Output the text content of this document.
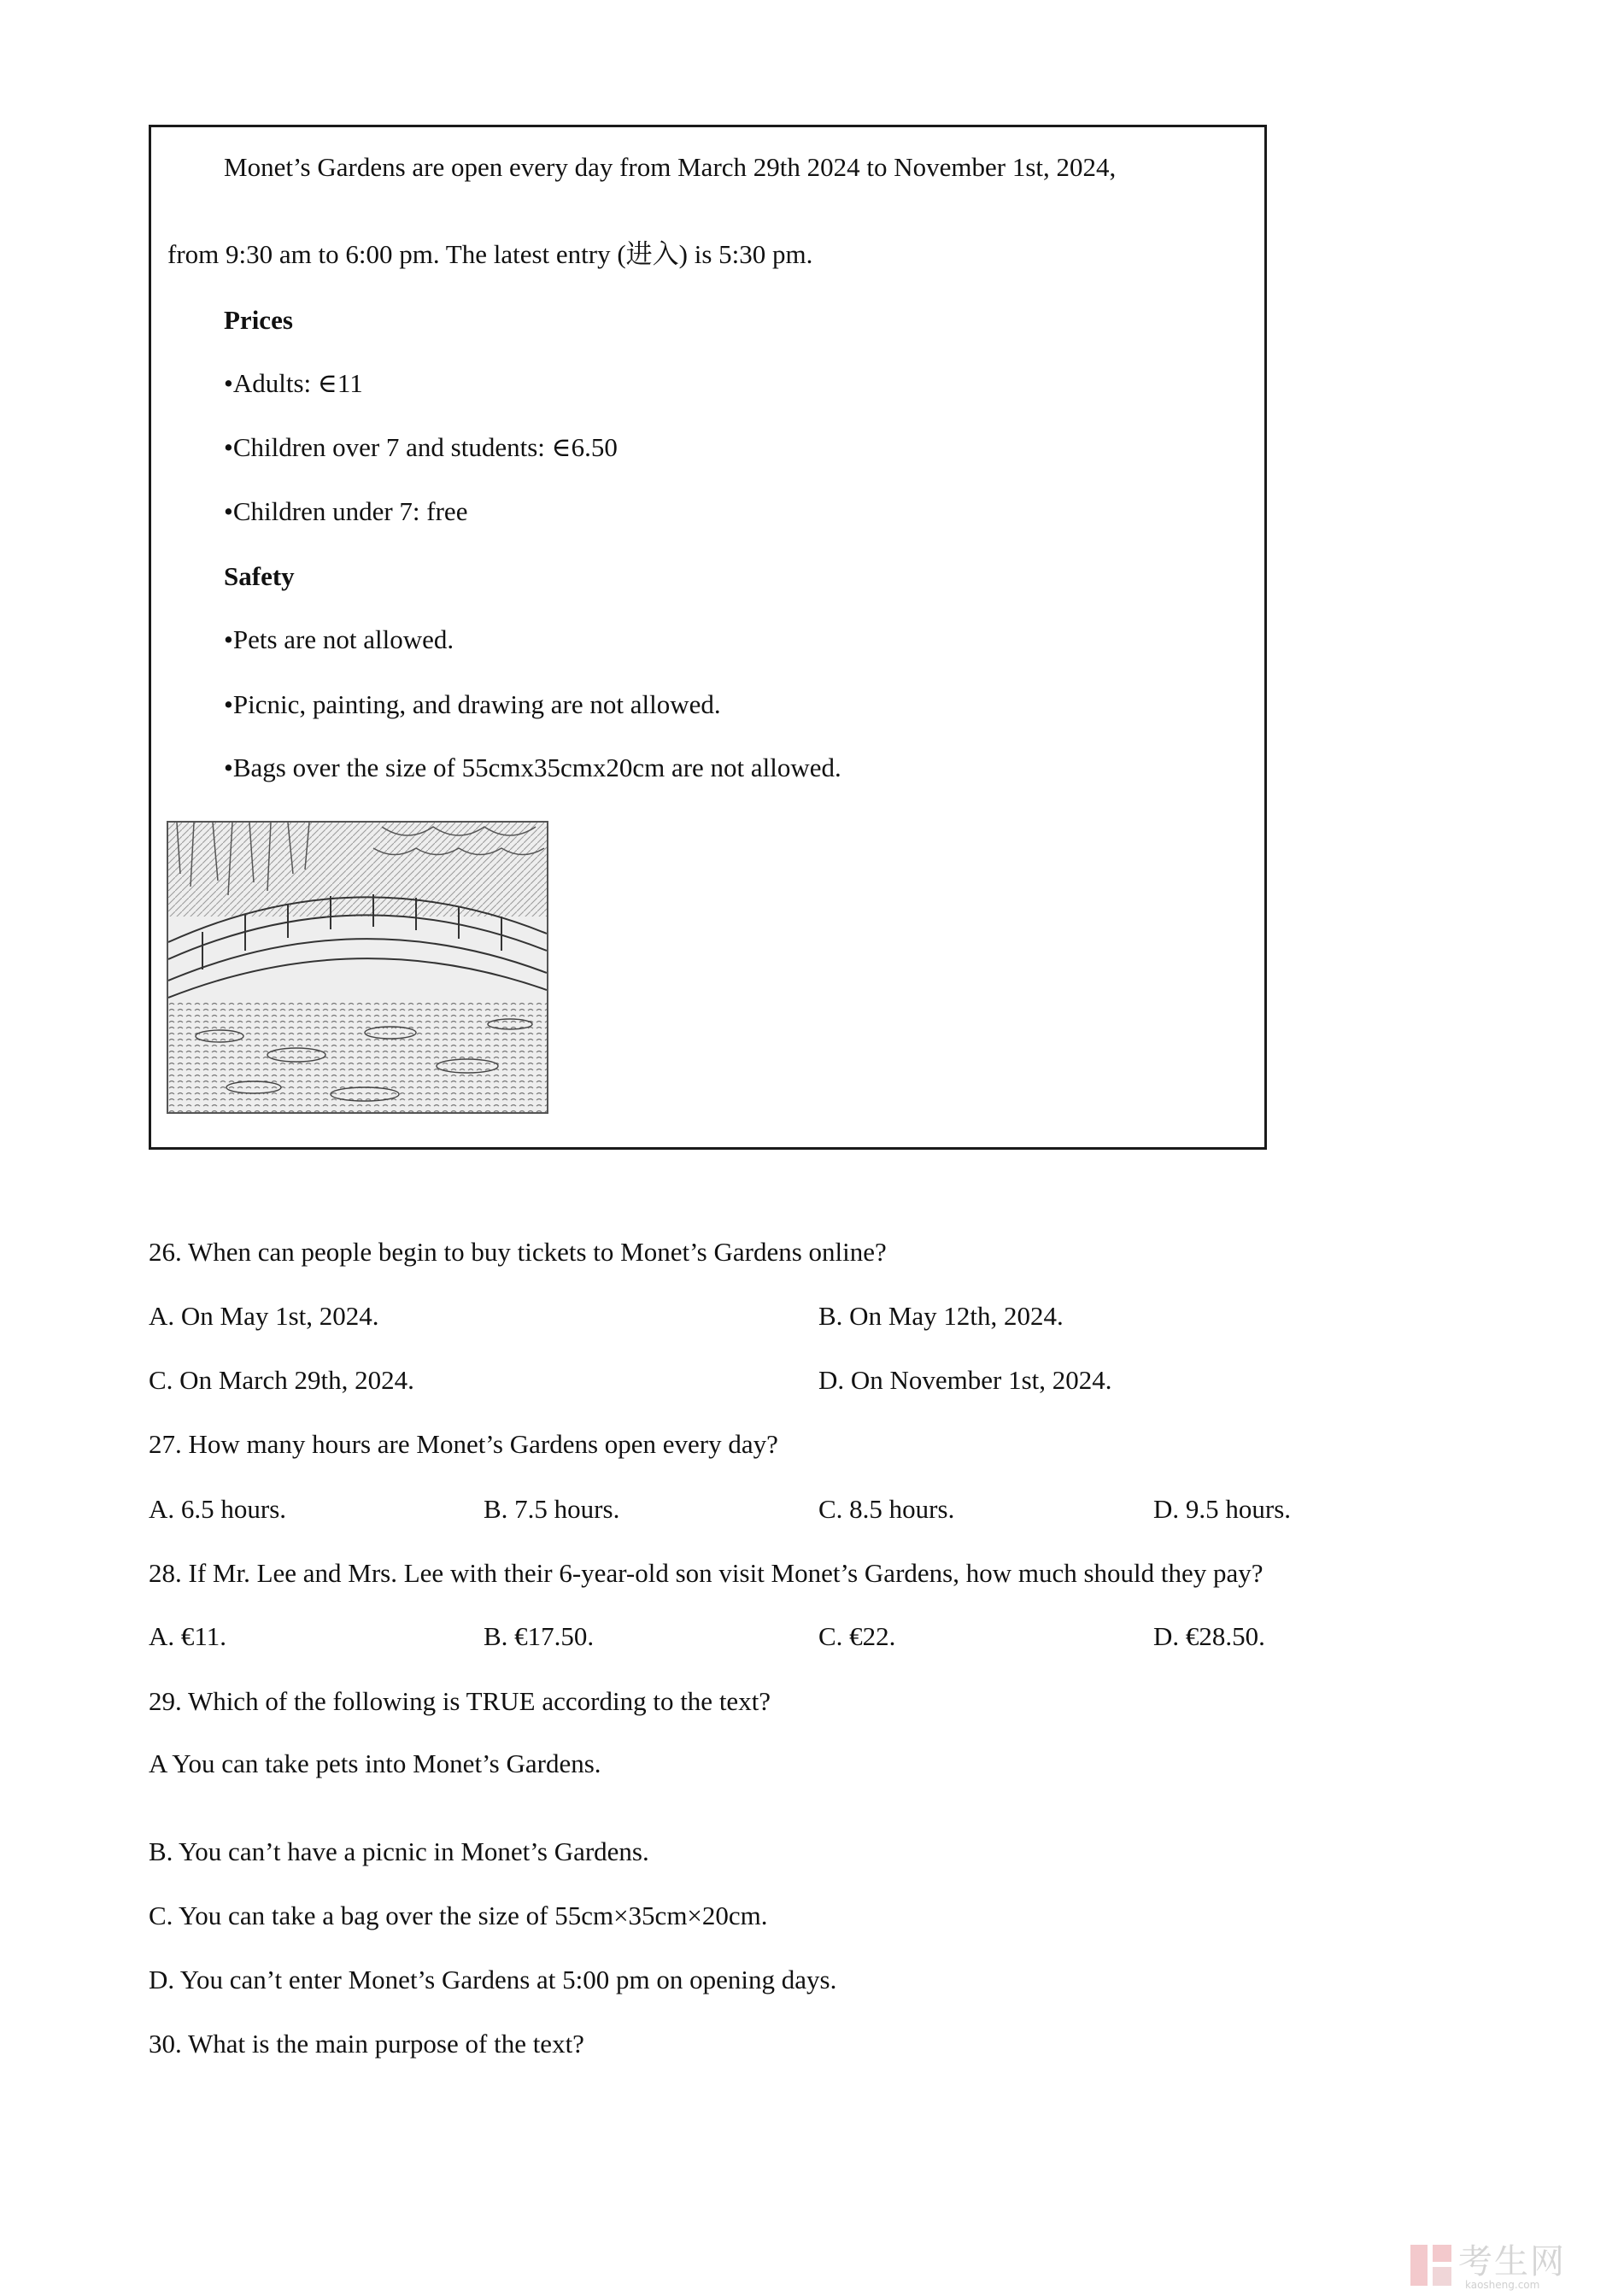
Monet’s Gardens are open every day from March 29th 2024 to November 1st, 2024,
from 9:30 am to 6:00 pm. The latest entry (进入) is 5:30 pm.
Prices
•Adults: ∈11
•Children over 7 and students: ∈6.50
•Children under 7: free
Safety
•Pets are not allowed.
•Picnic, painting, and drawing are not allowed.
•Bags over the size of 55cmx35cmx20cm are not allowed.
26. When can people begin to buy tickets to Monet’s Gardens online?
A. On May 1st, 2024.	B. On May 12th, 2024.
C. On March 29th, 2024.	D. On November 1st, 2024.
27. How many hours are Monet’s Gardens open every day?
A. 6.5 hours.	B. 7.5 hours.	C. 8.5 hours.	D. 9.5 hours.
28. If Mr. Lee and Mrs. Lee with their 6-year-old son visit Monet’s Gardens, how much should they pay?
A. €11.	B. €17.50.	C. €22.	D. €28.50.
29. Which of the following is TRUE according to the text?
A You can take pets into Monet’s Gardens.
B. You can’t have a picnic in Monet’s Gardens.
C. You can take a bag over the size of 55cm×35cm×20cm.
D. You can’t enter Monet’s Gardens at 5:00 pm on opening days.
30. What is the main purpose of the text?
考生网
kaosheng.com
